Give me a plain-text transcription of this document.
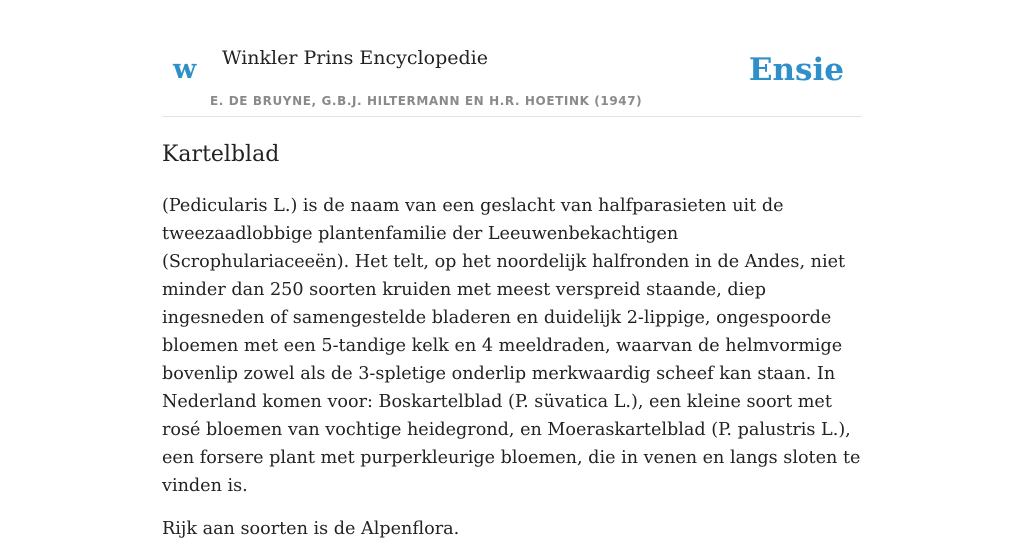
w Winkler Prins Encyclopedie
E. DE BRUYNE, G.B.J. HILTERMANN EN H.R. HOETINK (1947)
Ensie
Kartelblad

(Pedicularis L.) is de naam van een geslacht van halfparasieten uit de tweezaadlobbige plantenfamilie der Leeuwenbekachtigen (Scrophulariaceeën). Het telt, op het noordelijk halfronden in de Andes, niet minder dan 250 soorten kruiden met meest verspreid staande, diep ingesneden of samengestelde bladeren en duidelijk 2-lippige, ongespoorde bloemen met een 5-tandige kelk en 4 meeldraden, waarvan de helmvormige bovenlip zowel als de 3-spletige onderlip merkwaardig scheef kan staan. In Nederland komen voor: Boskartelblad (P. süvatica L.), een kleine soort met rosé bloemen van vochtige heidegrond, en Moeraskartelblad (P. palustris L.), een forsere plant met purperkleurige bloemen, die in venen en langs sloten te vinden is.

Rijk aan soorten is de Alpenflora.
